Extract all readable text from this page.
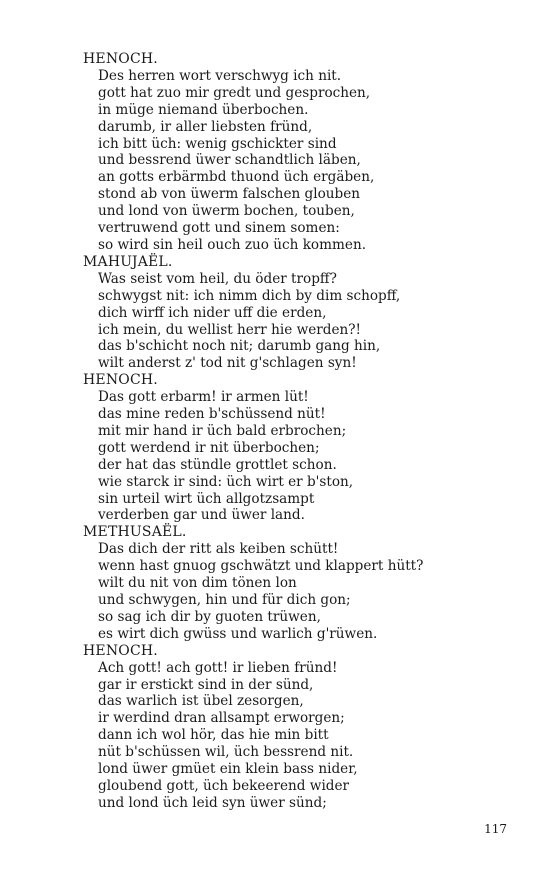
HENOCH.
Des herren wort verschwyg ich nit.
gott hat zuo mir gredt und gesprochen,
in müge niemand überbochen.
darumb, ir aller liebsten fründ,
ich bitt üch: wenig gschickter sind
und bessrend üwer schandtlich läben,
an gotts erbärmbd thuond üch ergäben,
stond ab von üwerm falschen glouben
und lond von üwerm bochen, touben,
vertruwend gott und sinem somen:
so wird sin heil ouch zuo üch kommen.
MAHUJAËL.
Was seist vom heil, du öder tropff?
schwygst nit: ich nimm dich by dim schopff,
dich wirff ich nider uff die erden,
ich mein, du wellist herr hie werden?!
das b'schicht noch nit; darumb gang hin,
wilt anderst z' tod nit g'schlagen syn!
HENOCH.
Das gott erbarm! ir armen lüt!
das mine reden b'schüssend nüt!
mit mir hand ir üch bald erbrochen;
gott werdend ir nit überbochen;
der hat das stündle grottlet schon.
wie starck ir sind: üch wirt er b'ston,
sin urteil wirt üch allgotzsampt
verderben gar und üwer land.
METHUSAËL.
Das dich der ritt als keiben schütt!
wenn hast gnuog gschwätzt und klappert hütt?
wilt du nit von dim tönen lon
und schwygen, hin und für dich gon;
so sag ich dir by guoten trüwen,
es wirt dich gwüss und warlich g'rüwen.
HENOCH.
Ach gott! ach gott! ir lieben fründ!
gar ir erstickt sind in der sünd,
das warlich ist übel zesorgen,
ir werdind dran allsampt erworgen;
dann ich wol hör, das hie min bitt
nüt b'schüssen wil, üch bessrend nit.
lond üwer gmüet ein klein bass nider,
gloubend gott, üch bekeerend wider
und lond üch leid syn üwer sünd;
117
